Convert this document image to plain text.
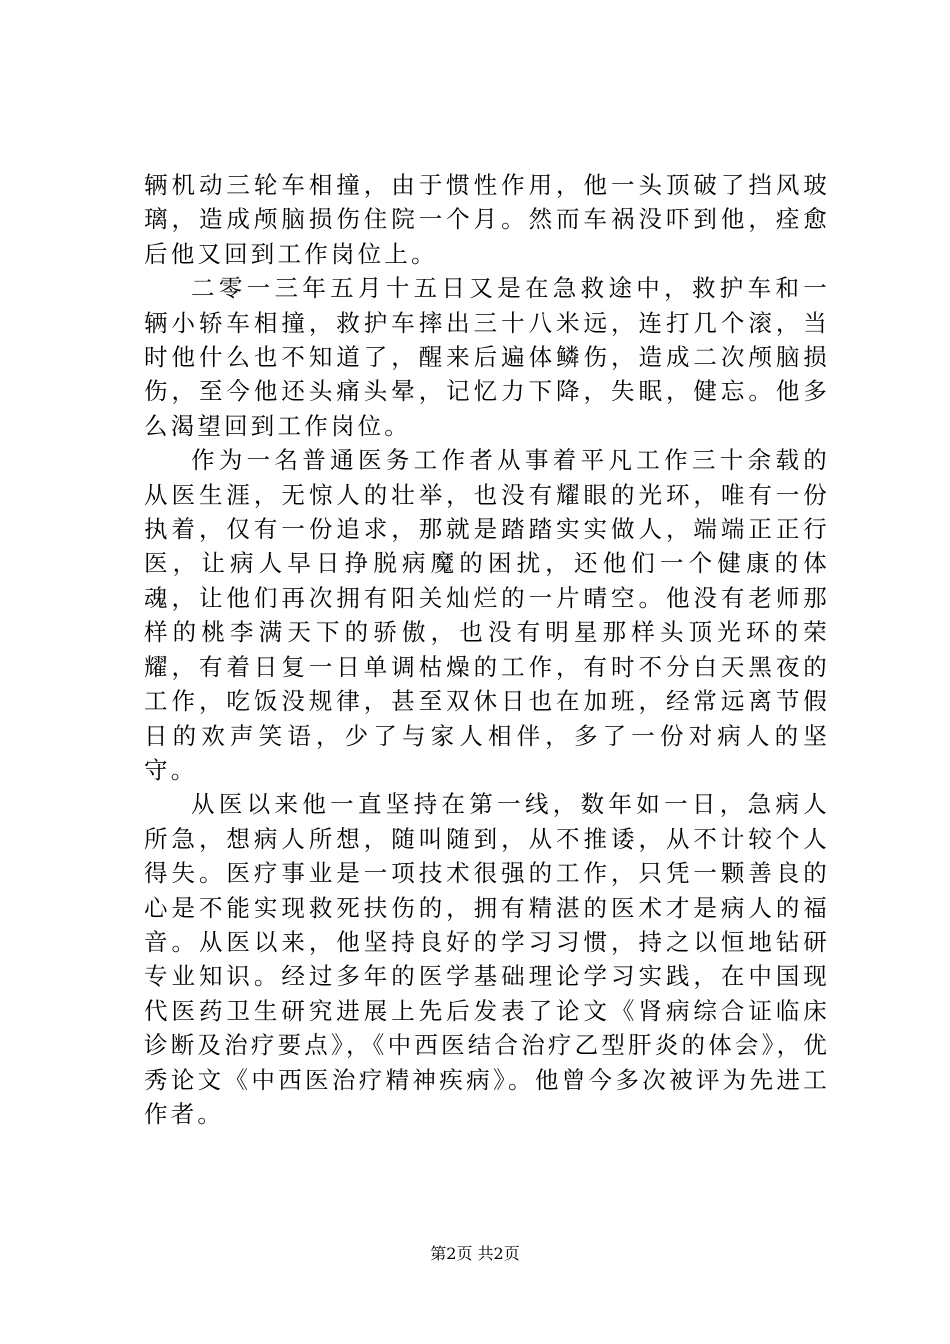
辆机动三轮车相撞，由于惯性作用，他一头顶破了挡风玻璃，造成颅脑损伤住院一个月。然而车祸没吓到他，痊愈后他又回到工作岗位上。

二零一三年五月十五日又是在急救途中，救护车和一辆小轿车相撞，救护车摔出三十八米远，连打几个滚，当时他什么也不知道了，醒来后遍体鳞伤，造成二次颅脑损伤，至今他还头痛头晕，记忆力下降，失眠，健忘。他多么渴望回到工作岗位。

作为一名普通医务工作者从事着平凡工作三十余载的从医生涯，无惊人的壮举，也没有耀眼的光环，唯有一份执着，仅有一份追求，那就是踏踏实实做人，端端正正行医，让病人早日挣脱病魔的困扰，还他们一个健康的体魂，让他们再次拥有阳关灿烂的一片晴空。他没有老师那样的桃李满天下的骄傲，也没有明星那样头顶光环的荣耀，有着日复一日单调枯燥的工作，有时不分白天黑夜的工作，吃饭没规律，甚至双休日也在加班，经常远离节假日的欢声笑语，少了与家人相伴，多了一份对病人的坚守。

从医以来他一直坚持在第一线，数年如一日，急病人所急，想病人所想，随叫随到，从不推诿，从不计较个人得失。医疗事业是一项技术很强的工作，只凭一颗善良的心是不能实现救死扶伤的，拥有精湛的医术才是病人的福音。从医以来，他坚持良好的学习习惯，持之以恒地钻研专业知识。经过多年的医学基础理论学习实践，在中国现代医药卫生研究进展上先后发表了论文《肾病综合证临床诊断及治疗要点》，《中西医结合治疗乙型肝炎的体会》，优秀论文《中西医治疗精神疾病》。他曾今多次被评为先进工作者。

第2页 共2页
